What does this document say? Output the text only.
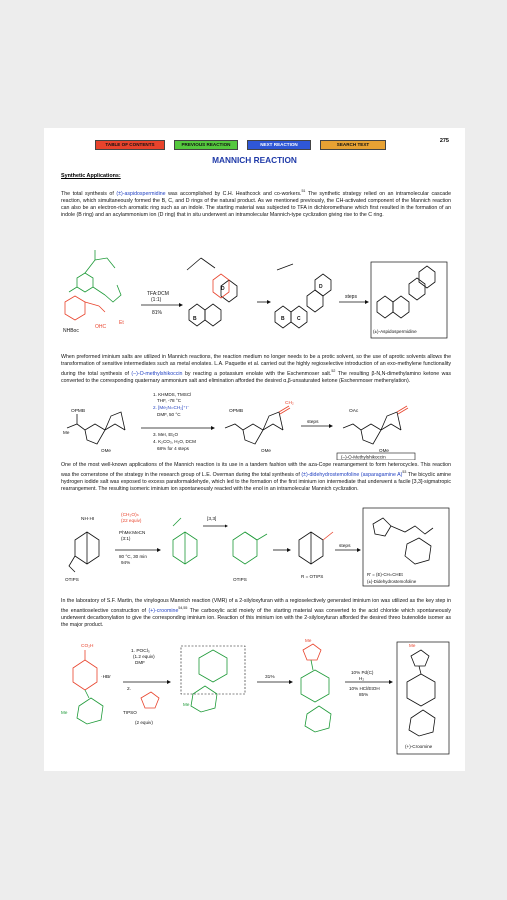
TABLE OF CONTENTS	PREVIOUS REACTION	NEXT REACTION	SEARCH TEXT
275
MANNICH REACTION
Synthetic Applications:
The total synthesis of (±)-aspidospermidine was accomplished by C.H. Heathcock and co-workers.$^{51}$ The synthetic strategy relied on an intramolecular cascade reaction, which simultaneously formed the B, C, and D rings of the natural product. As we mentioned previously, the CH-activated component of the Mannich reaction can also be an electron-rich aromatic ring such as an indole. The starting material was subjected to TFA in dichloromethane which first resulted in the formation of an indole (B ring) and an acylammonium ion (D ring) that in situ underwent an intramolecular Mannich-type cyclization giving rise to the C ring.
NHBoc
OHC
Et
TFA:DCM
(1:1)
81%
B
D
B C
D
steps
(±)-Aspidospermidine
When preformed iminium salts are utilized in Mannich reactions, the reaction medium no longer needs to be a protic solvent, so the use of aprotic solvents allows the transformation of sensitive intermediates such as metal enolates. L.A. Paquette et al. carried out the highly regioselective introduction of an exo-methylene functionality during the total synthesis of (–)-O-methylshikoccin by reacting a potassium enolate with the Eschenmoser salt.$^{52}$ The resulting β-N,N-dimethylamino ketone was converted to the corresponding quaternary ammonium salt and elimination afforded the desired α,β-unsaturated ketone (Eschenmoser methenylation).
OPMB
Me
OMe
1. KHMDS, TMSCl
THF, -78 °C
2. [Me₂N=CH₂]⁺I⁻
DMF, 50 °C
3. MeI, Et₂O
4. K₂CO₃, H₂O, DCM
68% for 4 steps
OPMB
CH₂
OMe
steps
OAc
OMe
(–)-O-Methylshikoccin
One of the most well-known applications of the Mannich reaction is its use in a tandem fashion with the aza-Cope rearrangement to form heterocycles. This reaction was the cornerstone of the strategy in the research group of L.E. Overman during the total synthesis of (±)-didehydrostemofoline (asparagamine A)$^{53}$ The bicyclic amine hydrogen iodide salt was exposed to excess paraformaldehyde, which led to the formation of the first iminium ion intermediate that underwent a facile [3,3]-sigmatropic rearrangement. The resulting isomeric iminium ion spontaneously reacted with the enol in an intramolecular Mannich cyclization.
NH·HI
OTIPS
(CH₂O)ₙ
(22 equiv)
PhMe:MeCN
(3:1)
80 °C, 30 min
94%
[3,3]
OTIPS
R = OTIPS
steps
R' = (E)-CH=CHEt
(±)-Didehydrostemofoline
In the laboratory of S.F. Martin, the vinylogous Mannich reaction (VMR) of a 2-silyloxyfuran with a regioselectively generated iminium ion was utilized as the key step in the enantioselective construction of (+)-croomine$^{54,55}$ The carboxylic acid moiety of the starting material was converted to the acid chloride which spontaneously underwent decarbonylation to give the corresponding iminium ion. Reaction of this iminium ion with the 2-silyloxyfuran afforded the desired threo butenolide isomer as the major product.
CO₂H
·HBr
Me
1. POCl₃
(1.2 equiv)
DMF
2.
TIPSO
(2 equiv)
Me
31%
Me
10% Pd(C)
H₂
10% HCl/EtOH
85%
Me
(+)-Croomine
